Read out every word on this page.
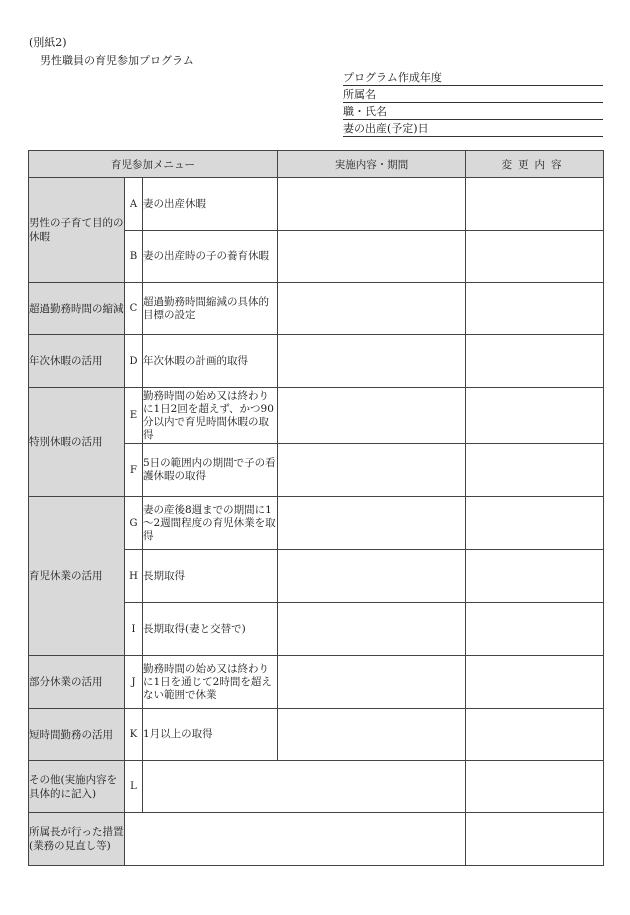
(別紙2)
男性職員の育児参加プログラム
プログラム作成年度
所属名
職・氏名
妻の出産(予定)日
育児参加メニュー			実施内容・期間	変更内容
男性の子育て目的の休暇	A	妻の出産休暇		
	B	妻の出産時の子の養育休暇		
超過勤務時間の縮減	C	超過勤務時間縮減の具体的目標の設定		
年次休暇の活用	D	年次休暇の計画的取得		
特別休暇の活用	E	勤務時間の始め又は終わりに1日2回を超えず、かつ90分以内で育児時間休暇の取得		
	F	5日の範囲内の期間で子の看護休暇の取得		
育児休業の活用	G	妻の産後8週までの期間に1～2週間程度の育児休業を取得		
	H	長期取得		
	I	長期取得(妻と交替で)		
部分休業の活用	J	勤務時間の始め又は終わりに1日を通じて2時間を超えない範囲で休業		
短時間勤務の活用	K	1月以上の取得		
その他(実施内容を具体的に記入)	L			
所属長が行った措置(業務の見直し等)				
